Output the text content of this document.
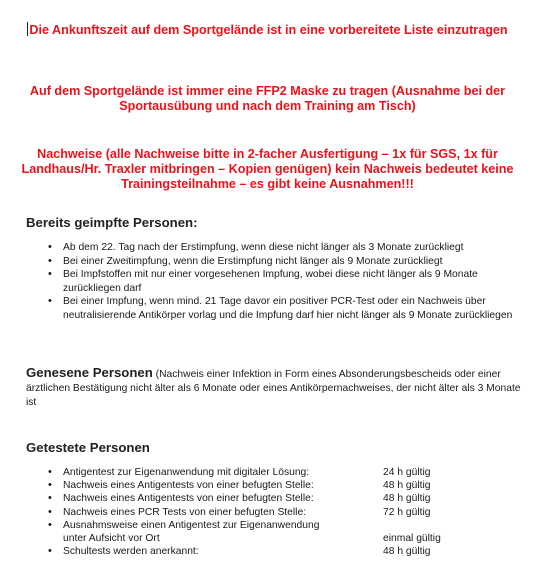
Die Ankunftszeit auf dem Sportgelände ist in eine vorbereitete Liste einzutragen
Auf dem Sportgelände ist immer eine FFP2 Maske zu tragen (Ausnahme bei der Sportausübung und nach dem Training am Tisch)
Nachweise (alle Nachweise bitte in 2-facher Ausfertigung – 1x für SGS, 1x für Landhaus/Hr. Traxler mitbringen – Kopien genügen) kein Nachweis bedeutet keine Trainingsteilnahme – es gibt keine Ausnahmen!!!
Bereits geimpfte Personen:
• Ab dem 22. Tag nach der Erstimpfung, wenn diese nicht länger als 3 Monate zurückliegt
• Bei einer Zweitimpfung, wenn die Erstimpfung nicht länger als 9 Monate zurückliegt
• Bei Impfstoffen mit nur einer vorgesehenen Impfung, wobei diese nicht länger als 9 Monate zurückliegen darf
• Bei einer Impfung, wenn mind. 21 Tage davor ein positiver PCR-Test oder ein Nachweis über neutralisierende Antikörper vorlag und die Impfung darf hier nicht länger als 9 Monate zurückliegen
Genesene Personen (Nachweis einer Infektion in Form eines Absonderungsbescheids oder einer ärztlichen Bestätigung nicht älter als 6 Monate oder eines Antikörpernachweises, der nicht älter als 3 Monate ist
Getestete Personen
• Antigentest zur Eigenanwendung mit digitaler Lösung:	24 h gültig
• Nachweis eines Antigentests von einer befugten Stelle:	48 h gültig
• Nachweis eines Antigentests von einer befugten Stelle:	48 h gültig
• Nachweis eines PCR Tests von einer befugten Stelle:	72 h gültig
• Ausnahmsweise einen Antigentest zur Eigenanwendung
unter Aufsicht vor Ort	einmal gültig
• Schultests werden anerkannt:	48 h gültig
